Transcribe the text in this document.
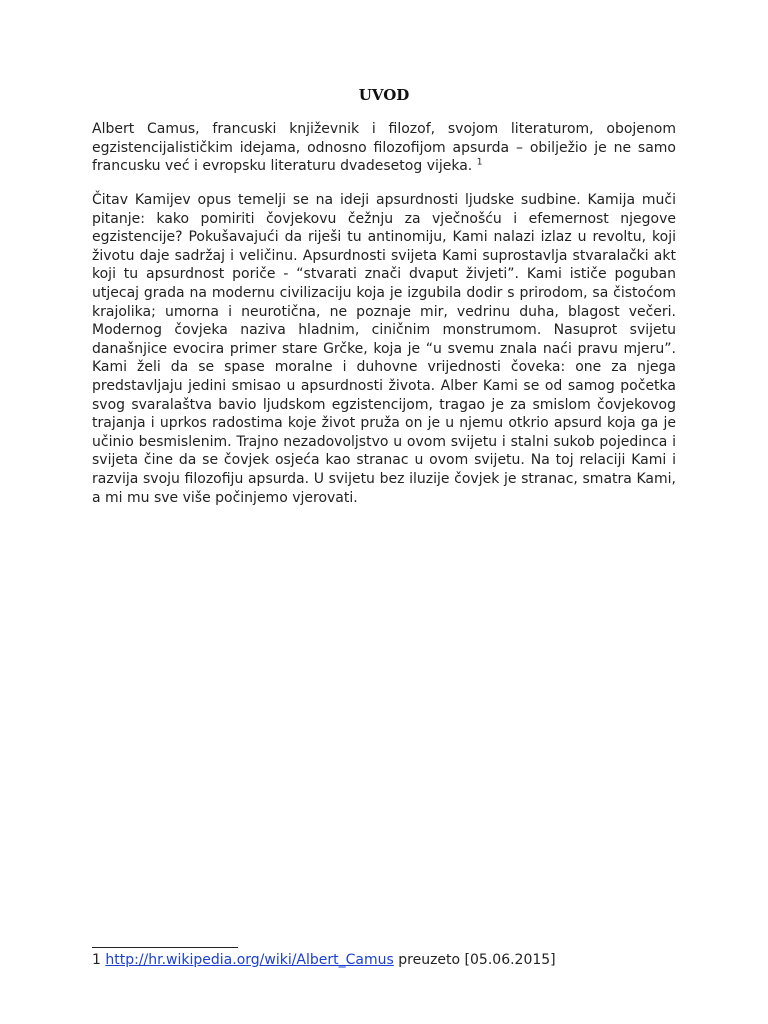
UVOD

Albert Camus, francuski književnik i filozof, svojom literaturom, obojenom egzistencijalističkim idejama, odnosno filozofijom apsurda – obilježio je ne samo francusku već i evropsku literaturu dvadesetog vijeka. $^1$

Čitav Kamijev opus temelji se na ideji apsurdnosti ljudske sudbine. Kamija muči pitanje: kako pomiriti čovjekovu čežnju za vječnošću i efemernost njegove egzistencije? Pokušavajući da riješi tu antinomiju, Kami nalazi izlaz u revoltu, koji životu daje sadržaj i veličinu. Apsurdnosti svijeta Kami suprostavlja stvaralački akt koji tu apsurdnost poriče - “stvarati znači dvaput živjeti”. Kami ističe poguban utjecaj grada na modernu civilizaciju koja je izgubila dodir s prirodom, sa čistoćom krajolika; umorna i neurotična, ne poznaje mir, vedrinu duha, blagost večeri. Modernog čovjeka naziva hladnim, ciničnim monstrumom. Nasuprot svijetu današnjice evocira primer stare Grčke, koja je “u svemu znala naći pravu mjeru”. Kami želi da se spase moralne i duhovne vrijednosti čoveka: one za njega predstavljaju jedini smisao u apsurdnosti života. Alber Kami se od samog početka svog svaralaštva bavio ljudskom egzistencijom, tragao je za smislom čovjekovog trajanja i uprkos radostima koje život pruža on je u njemu otkrio apsurd koja ga je učinio besmislenim. Trajno nezadovoljstvo u ovom svijetu i stalni sukob pojedinca i svijeta čine da se čovjek osjeća kao stranac u ovom svijetu. Na toj relaciji Kami i razvija svoju filozofiju apsurda. U svijetu bez iluzije čovjek je stranac, smatra Kami, a mi mu sve više počinjemo vjerovati.

1 http://hr.wikipedia.org/wiki/Albert_Camus preuzeto [05.06.2015]
